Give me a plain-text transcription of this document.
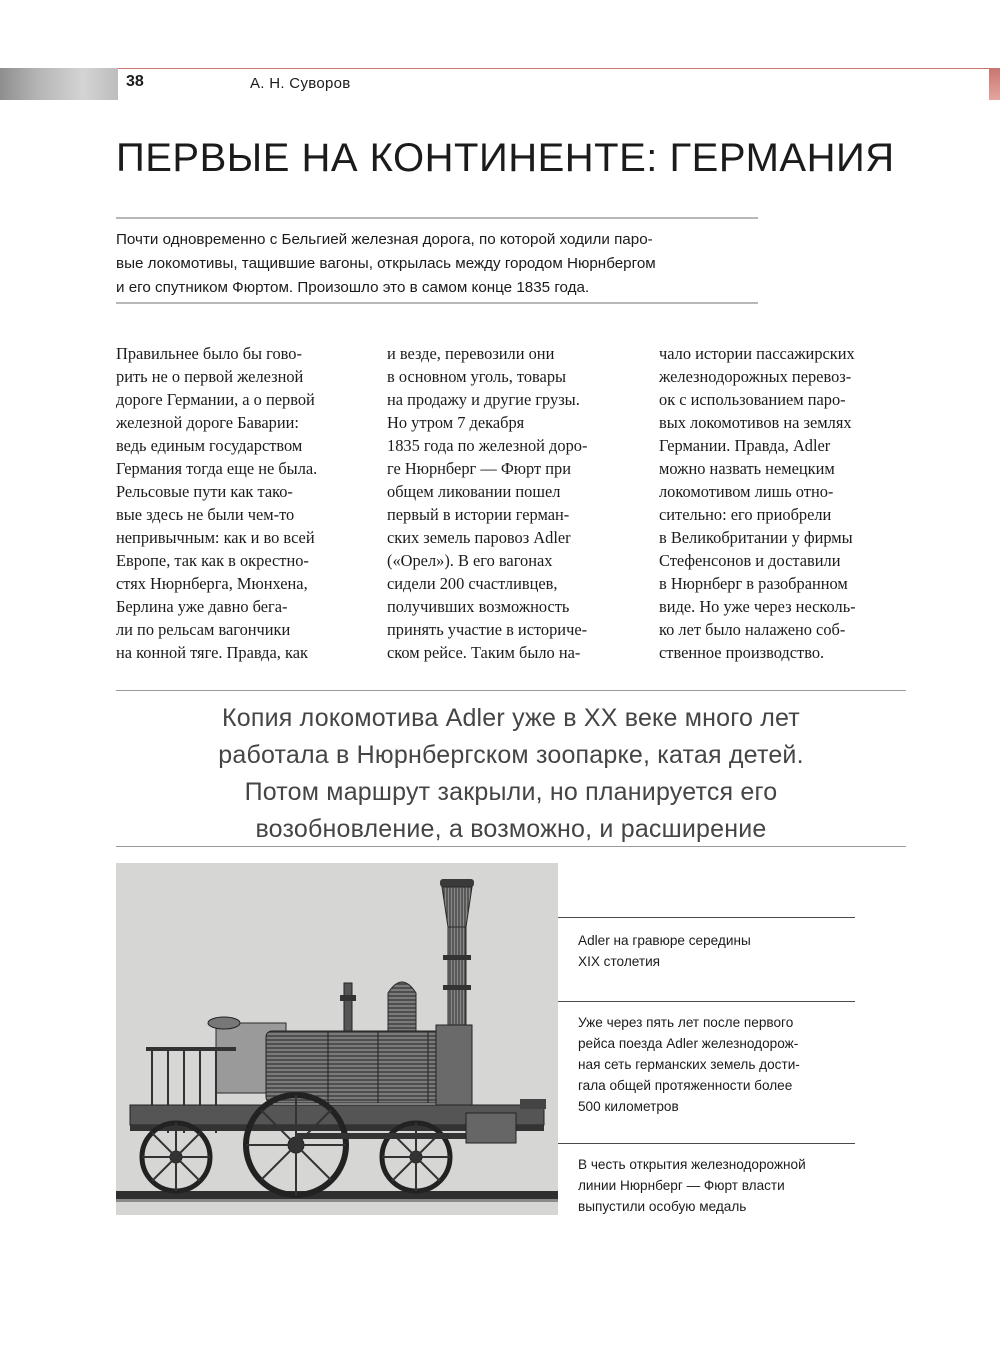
38	А. Н. Суворов
ПЕРВЫЕ НА КОНТИНЕНТЕ: ГЕРМАНИЯ
Почти одновременно с Бельгией железная дорога, по которой ходили паро-
вые локомотивы, тащившие вагоны, открылась между городом Нюрнбергом
и его спутником Фюртом. Произошло это в самом конце 1835 года.
Правильнее было бы гово-
рить не о первой железной
дороге Германии, а о первой
железной дороге Баварии:
ведь единым государством
Германия тогда еще не была.
Рельсовые пути как тако-
вые здесь не были чем-то
непривычным: как и во всей
Европе, так как в окрестно-
стях Нюрнберга, Мюнхена,
Берлина уже давно бега-
ли по рельсам вагончики
на конной тяге. Правда, как
и везде, перевозили они
в основном уголь, товары
на продажу и другие грузы.
Но утром 7 декабря
1835 года по железной доро-
ге Нюрнберг — Фюрт при
общем ликовании пошел
первый в истории герман-
ских земель паровоз Adler
(«Орел»). В его вагонах
сидели 200 счастливцев,
получивших возможность
принять участие в историче-
ском рейсе. Таким было на-
чало истории пассажирских
железнодорожных перевоз-
ок с использованием паро-
вых локомотивов на землях
Германии. Правда, Adler
можно назвать немецким
локомотивом лишь отно-
сительно: его приобрели
в Великобритании у фирмы
Стефенсонов и доставили
в Нюрнберг в разобранном
виде. Но уже через несколь-
ко лет было налажено соб-
ственное производство.
Копия локомотива Adler уже в XX веке много лет
работала в Нюрнбергском зоопарке, катая детей.
Потом маршрут закрыли, но планируется его
возобновление, а возможно, и расширение
Adler на гравюре середины
XIX столетия
Уже через пять лет после первого
рейса поезда Adler железнодорож-
ная сеть германских земель дости-
гала общей протяженности более
500 километров
В честь открытия железнодорожной
линии Нюрнберг — Фюрт власти
выпустили особую медаль
